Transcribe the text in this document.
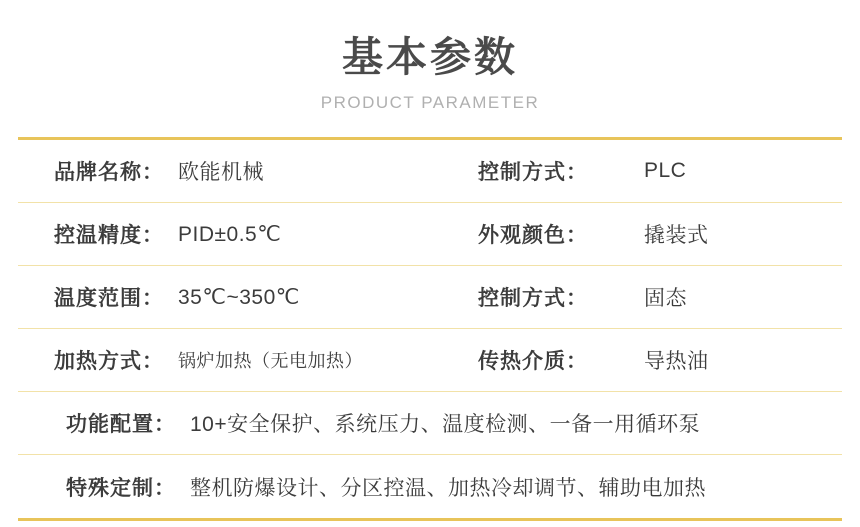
基本参数
PRODUCT PARAMETER
品牌名称： 欧能机械	控制方式：	PLC
控温精度： PID±0.5℃	外观颜色：	撬装式
温度范围： 35℃~350℃	控制方式：	固态
加热方式： 锅炉加热（无电加热）	传热介质：	导热油
功能配置： 10+安全保护、系统压力、温度检测、一备一用循环泵
特殊定制： 整机防爆设计、分区控温、加热冷却调节、辅助电加热
